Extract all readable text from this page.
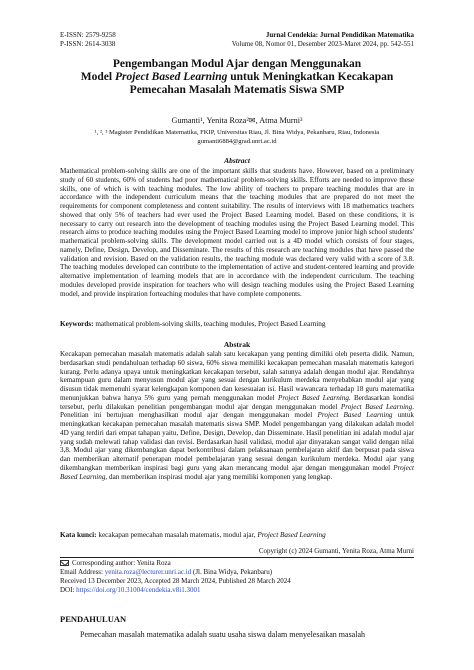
E-ISSN: 2579-9258
P-ISSN: 2614-3038
Jurnal Cendekia: Jurnal Pendidikan Matematika
Volume 08, Nomor 01, Desember 2023-Maret 2024, pp. 542-551
Pengembangan Modul Ajar dengan Menggunakan
Model Project Based Learning untuk Meningkatkan Kecakapan
Pemecahan Masalah Matematis Siswa SMP
Gumanti¹, Yenita Roza²✉, Atma Murni³
¹, ², ³ Magister Pendidikan Matematika, FKIP, Universitas Riau, Jl. Bina Widya, Pekanbaru, Riau, Indonesia
gumanti6884@grad.unri.ac.id
Abstract
Mathematical problem-solving skills are one of the important skills that students have. However, based on a preliminary study of 60 students, 60% of students had poor mathematical problem-solving skills. Efforts are needed to improve these skills, one of which is with teaching modules. The low ability of teachers to prepare teaching modules that are in accordance with the independent curriculum means that the teaching modules that are prepared do not meet the requirements for component completeness and content suitability. The results of interviews with 18 mathematics teachers showed that only 5% of teachers had ever used the Project Based Learning model. Based on these conditions, it is necessary to carry out research into the development of teaching modules using the Project Based Learning model. This research aims to produce teaching modules using the Project Based Learning model to improve junior high school students' mathematical problem-solving skills. The development model carried out is a 4D model which consists of four stages, namely, Define, Design, Develop, and Disseminate. The results of this research are teaching modules that have passed the validation and revision. Based on the validation results, the teaching module was declared very valid with a score of 3.8. The teaching modules developed can contribute to the implementation of active and student-centered learning and provide alternative implementation of learning models that are in accordance with the independent curriculum. The teaching modules developed provide inspiration for teachers who will design teaching modules using the Project Based Learning model, and provide inspiration forteaching modules that have complete components.
Keywords: mathematical problem-solving skills, teaching modules, Project Based Learning
Abstrak
Kecakapan pemecahan masalah matematis adalah salah satu kecakapan yang penting dimiliki oleh peserta didik. Namun, berdasarkan studi pendahuluan terhadap 60 siswa, 60% siswa memiliki kecakapan pemecahan masalah matematis kategori kurang. Perlu adanya upaya untuk meningkatkan kecakapan tersebut, salah satunya adalah dengan modul ajar. Rendahnya kemampuan guru dalam menyusun modul ajar yang sesuai dengan kurikulum merdeka menyebabkan modul ajar yang disusun tidak memenuhi syarat kelengkapan komponen dan kesesuaian isi. Hasil wawancara terhadap 18 guru matematika menunjukkan bahwa hanya 5% guru yang pernah menggunakan model Project Based Learning. Berdasarkan kondisi tersebut, perlu dilakukan penelitian pengembangan modul ajar dengan menggunakan model Project Based Learning. Penelitian ini bertujuan menghasilkan modul ajar dengan menggunakan model Project Based Learning untuk meningkatkan kecakapan pemecahan masalah matematis siswa SMP. Model pengembangan yang dilakukan adalah model 4D yang terdiri dari empat tahapan yaitu, Define, Design, Develop, dan Disseminate. Hasil penelitian ini adalah modul ajar yang sudah melewati tahap validasi dan revisi. Berdasarkan hasil validasi, modul ajar dinyatakan sangat valid dengan nilai 3,8. Modul ajar yang dikembangkan dapat berkontribusi dalam pelaksanaan pembelajaran aktif dan berpusat pada siswa dan memberikan alternatif penerapan model pembelajaran yang sesuai dengan kurikulum merdeka. Modul ajar yang dikembangkan memberikan inspirasi bagi guru yang akan merancang modul ajar dengan menggunakan model Project Based Learning, dan memberikan inspirasi modul ajar yang memiliki komponen yang lengkap.
Kata kunci: kecakapan pemecahan masalah matematis, modul ajar, Project Based Learning
Copyright (c) 2024 Gumanti, Yenita Roza, Atma Murni
Corresponding author: Yenita Roza
Email Address: yenita.roza@lecturer.unri.ac.id (Jl. Bina Widya, Pekanbaru)
Received 13 December 2023, Accepted 28 March 2024, Published 28 March 2024
DOI: https://doi.org/10.31004/cendekia.v8i1.3001
PENDAHULUAN
Pemecahan masalah matematika adalah suatu usaha siswa dalam menyelesaikan masalah
